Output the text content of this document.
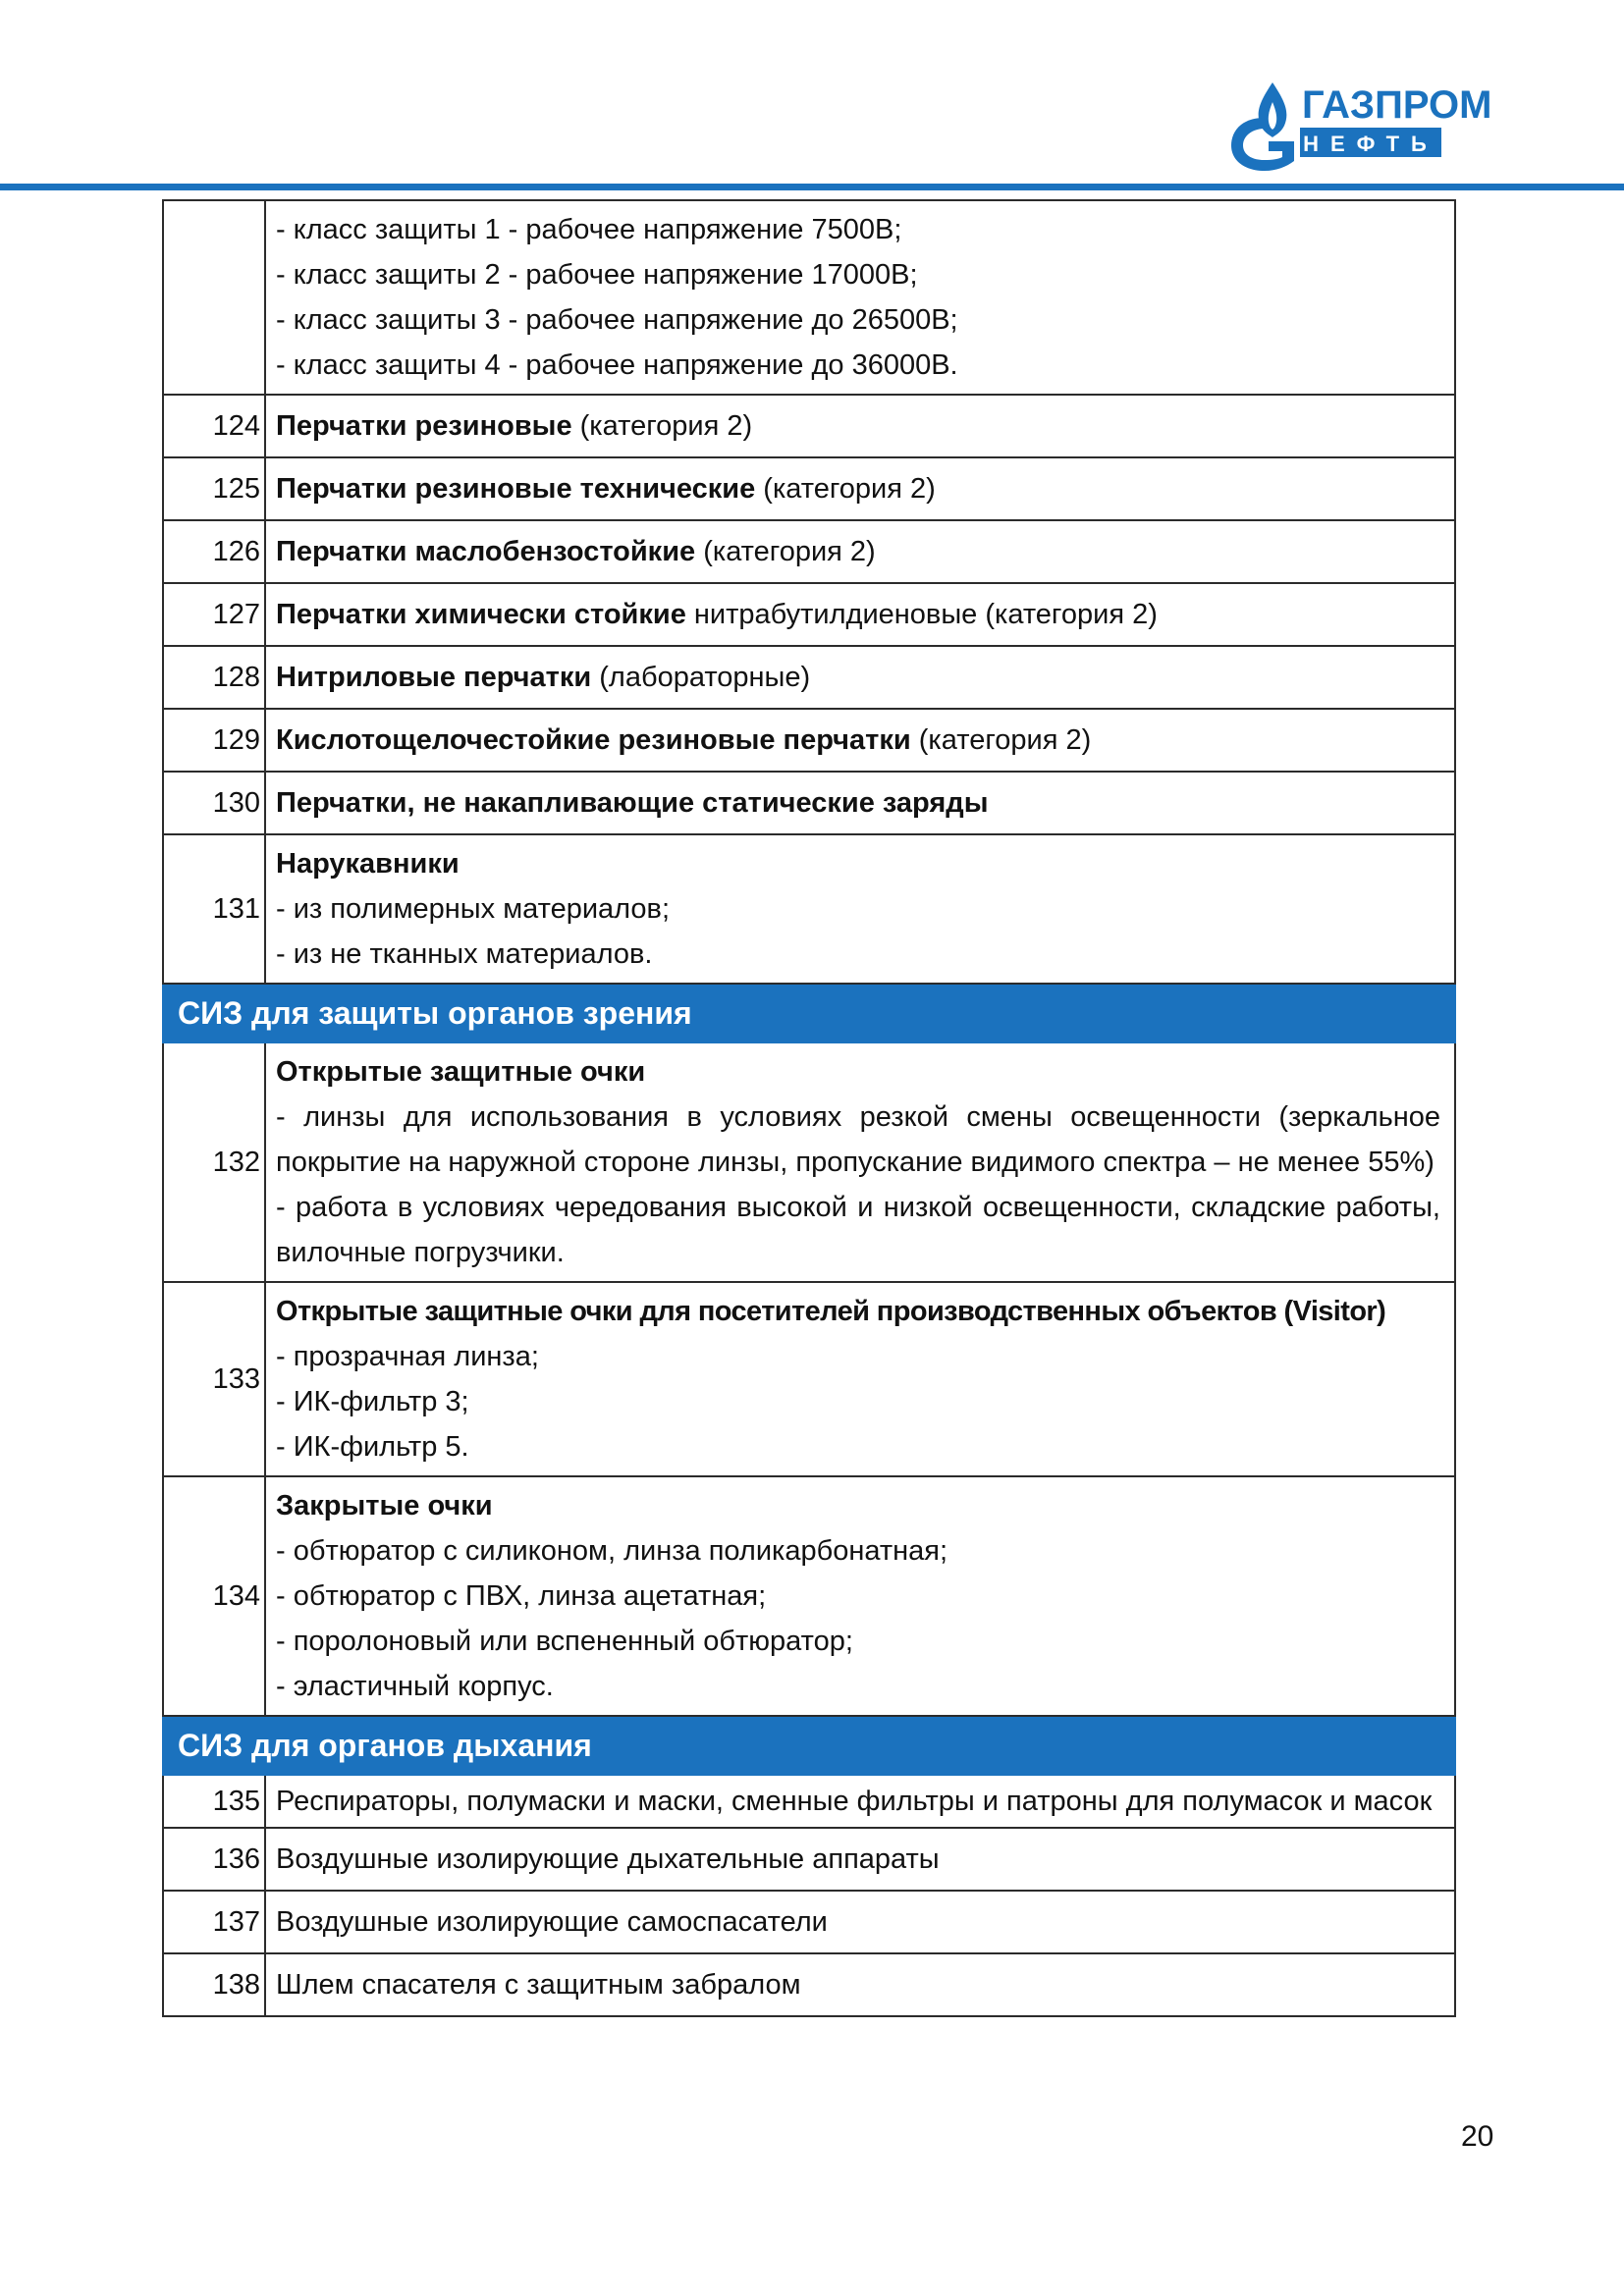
ГАЗПРОМ
НЕФТЬ

	- класс защиты 1 - рабочее напряжение 7500В;
- класс защиты 2 - рабочее напряжение 17000В;
- класс защиты 3 - рабочее напряжение до 26500В;
- класс защиты 4 - рабочее напряжение до 36000В.

124	Перчатки резиновые (категория 2)
125	Перчатки резиновые технические (категория 2)
126	Перчатки маслобензостойкие (категория 2)
127	Перчатки химически стойкие нитрабутилдиеновые (категория 2)
128	Нитриловые перчатки (лабораторные)
129	Кислотощелочестойкие резиновые перчатки (категория 2)
130	Перчатки, не накапливающие статические заряды
131	Нарукавники
- из полимерных материалов;
- из не тканных материалов.

СИЗ для защиты органов зрения	
132	Открытые защитные очки
- линзы для использования в условиях резкой смены освещенности (зеркальное покрытие на наружной стороне линзы, пропускание видимого спектра – не менее 55%)
- работа в условиях чередования высокой и низкой освещенности, складские работы, вилочные погрузчики.

133	Открытые защитные очки для посетителей производственных объектов (Visitor)
- прозрачная линза;
- ИК-фильтр 3;
- ИК-фильтр 5.

134	Закрытые очки
- обтюратор с силиконом, линза поликарбонатная;
- обтюратор с ПВХ, линза ацетатная;
- поролоновый или вспененный обтюратор;
- эластичный корпус.

СИЗ для органов дыхания	
135	Респираторы, полумаски и маски, сменные фильтры и патроны для полумасок и масок
136	Воздушные изолирующие дыхательные аппараты
137	Воздушные изолирующие самоспасатели
138	Шлем спасателя с защитным забралом
20
